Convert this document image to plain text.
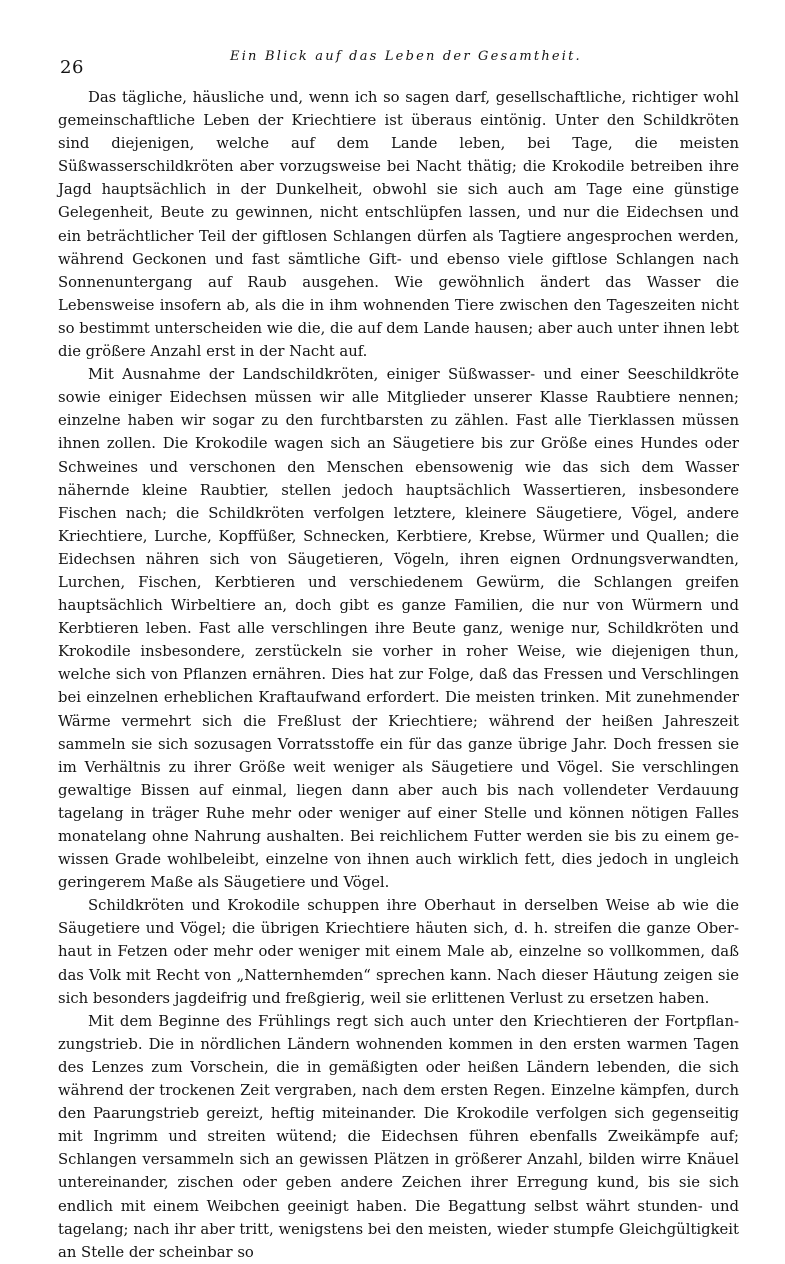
26
Ein Blick auf das Leben der Gesamtheit.

Das tägliche, häusliche und, wenn ich so sagen darf, gesellschaftliche, richtiger wohl gemeinschaftliche Leben der Kriechtiere ist überaus eintönig. Unter den Schildkröten sind diejenigen, welche auf dem Lande leben, bei Tage, die meisten Süßwasserschildkröten aber vorzugsweise bei Nacht thätig; die Krokodile betreiben ihre Jagd hauptsächlich in der Dunkelheit, obwohl sie sich auch am Tage eine günstige Gelegenheit, Beute zu gewinnen, nicht entschlüpfen lassen, und nur die Eidechsen und ein beträchtlicher Teil der giftlosen Schlangen dürfen als Tagtiere angesprochen werden, während Geckonen und fast sämtliche Gift- und ebenso viele giftlose Schlangen nach Sonnenuntergang auf Raub ausgehen. Wie gewöhnlich ändert das Wasser die Lebensweise insofern ab, als die in ihm wohnenden Tiere zwischen den Tageszeiten nicht so bestimmt unterscheiden wie die, die auf dem Lande hausen; aber auch unter ihnen lebt die größere Anzahl erst in der Nacht auf.

Mit Ausnahme der Landschildkröten, einiger Süßwasser- und einer Seeschildkröte sowie einiger Eidechsen müssen wir alle Mitglieder unserer Klasse Raubtiere nennen; einzelne haben wir sogar zu den furchtbarsten zu zählen. Fast alle Tierklassen müssen ihnen zollen. Die Krokodile wagen sich an Säugetiere bis zur Größe eines Hundes oder Schweines und verschonen den Menschen ebensowenig wie das sich dem Wasser nähernde kleine Raubtier, stellen jedoch hauptsächlich Wassertieren, insbesondere Fischen nach; die Schildkröten verfolgen letztere, kleinere Säugetiere, Vögel, andere Kriechtiere, Lurche, Kopffüßer, Schnecken, Kerbtiere, Krebse, Würmer und Quallen; die Eidechsen nähren sich von Säugetieren, Vögeln, ihren eignen Ordnungsverwandten, Lurchen, Fischen, Kerbtieren und verschiedenem Gewürm, die Schlangen greifen hauptsächlich Wirbeltiere an, doch gibt es ganze Familien, die nur von Würmern und Kerbtieren leben. Fast alle verschlingen ihre Beute ganz, wenige nur, Schildkröten und Krokodile insbesondere, zerstückeln sie vorher in roher Weise, wie diejenigen thun, welche sich von Pflanzen ernähren. Dies hat zur Folge, daß das Fressen und Verschlingen bei einzelnen erheblichen Kraftaufwand erfordert. Die meisten trinken. Mit zunehmender Wärme vermehrt sich die Freßlust der Kriechtiere; während der heißen Jahreszeit sammeln sie sich sozusagen Vorratsstoffe ein für das ganze übrige Jahr. Doch fressen sie im Verhältnis zu ihrer Größe weit weniger als Säugetiere und Vögel. Sie verschlingen gewaltige Bissen auf einmal, liegen dann aber auch bis nach vollendeter Verdauung tagelang in träger Ruhe mehr oder weniger auf einer Stelle und können nötigen Falles monatelang ohne Nahrung aushalten. Bei reichlichem Futter werden sie bis zu einem gewissen Grade wohlbeleibt, einzelne von ihnen auch wirklich fett, dies jedoch in ungleich geringerem Maße als Säugetiere und Vögel.

Schildkröten und Krokodile schuppen ihre Oberhaut in derselben Weise ab wie die Säugetiere und Vögel; die übrigen Kriechtiere häuten sich, d. h. streifen die ganze Oberhaut in Fetzen oder mehr oder weniger mit einem Male ab, einzelne so vollkommen, daß das Volk mit Recht von „Natternhemden“ sprechen kann. Nach dieser Häutung zeigen sie sich besonders jagdeifrig und freßgierig, weil sie erlittenen Verlust zu ersetzen haben.

Mit dem Beginne des Frühlings regt sich auch unter den Kriechtieren der Fortpflanzungstrieb. Die in nördlichen Ländern wohnenden kommen in den ersten warmen Tagen des Lenzes zum Vorschein, die in gemäßigten oder heißen Ländern lebenden, die sich während der trockenen Zeit vergraben, nach dem ersten Regen. Einzelne kämpfen, durch den Paarungstrieb gereizt, heftig miteinander. Die Krokodile verfolgen sich gegenseitig mit Ingrimm und streiten wütend; die Eidechsen führen ebenfalls Zweikämpfe auf; Schlangen versammeln sich an gewissen Plätzen in größerer Anzahl, bilden wirre Knäuel untereinander, zischen oder geben andere Zeichen ihrer Erregung kund, bis sie sich endlich mit einem Weibchen geeinigt haben. Die Begattung selbst währt stunden- und tagelang; nach ihr aber tritt, wenigstens bei den meisten, wieder stumpfe Gleichgültigkeit an Stelle der scheinbar so
